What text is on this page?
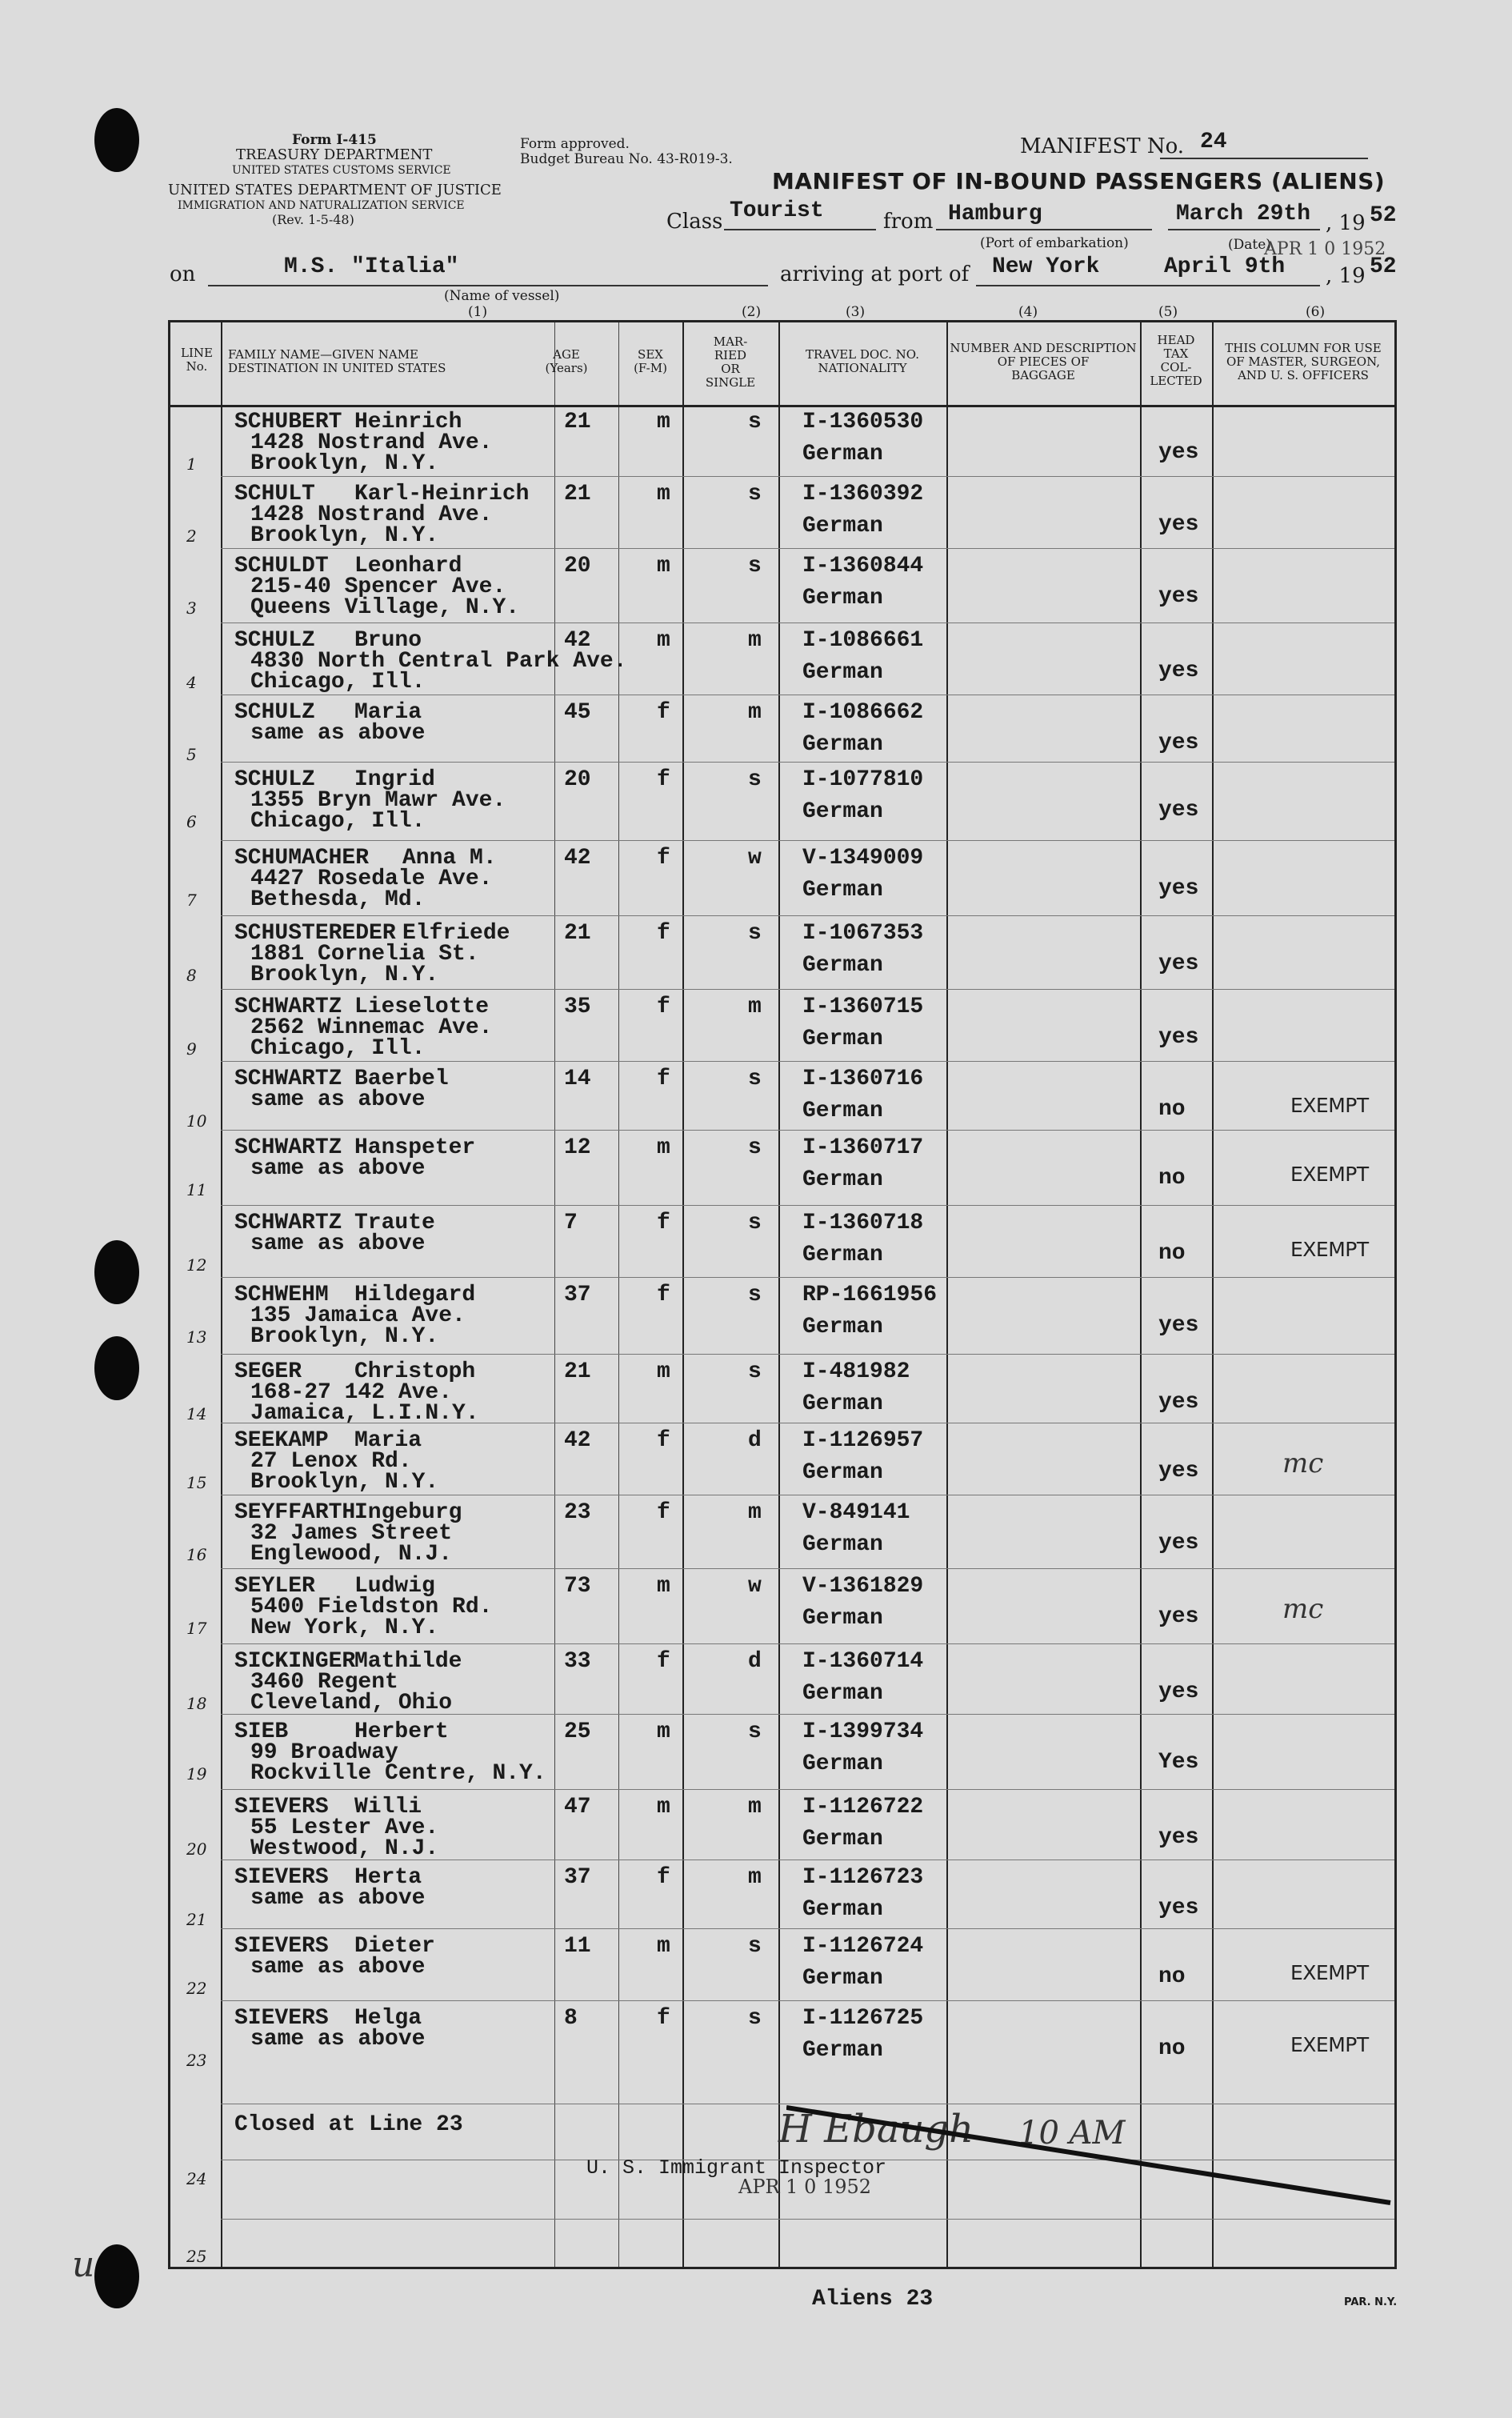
Form I-415
TREASURY DEPARTMENT
UNITED STATES CUSTOMS SERVICE
UNITED STATES DEPARTMENT OF JUSTICE
IMMIGRATION AND NATURALIZATION SERVICE
(Rev. 1-5-48)
Form approved.
Budget Bureau No. 43-R019-3.
MANIFEST No. 24
MANIFEST OF IN-BOUND PASSENGERS (ALIENS)
Class Tourist	from Hamburg	March 29th , 19 52
(Port of embarkation)	(Date)
APR 1 0 1952
on	M.S. "Italia"
(Name of vessel)
arriving at port of New York	April 9th , 19 52
(1)	(2)	(3)	(4)	(5)	(6)
LINE No.
FAMILY NAME—GIVEN NAME
DESTINATION IN UNITED STATES
AGE
(Years)
SEX
(F-M)
MAR-
RIED
OR
SINGLE
TRAVEL DOC. NO.
NATIONALITY
NUMBER AND DESCRIPTION
OF PIECES OF
BAGGAGE
HEAD
TAX
COL-
LECTED
THIS COLUMN FOR USE
OF MASTER, SURGEON,
AND U. S. OFFICERS
SCHUBERT Heinrich
1428 Nostrand Ave.
Brooklyn, N.Y.
21	m	s I-1360530
German	yes
1
SCHULT Karl-Heinrich
1428 Nostrand Ave.
Brooklyn, N.Y.
21	m	s I-1360392
German	yes
2
SCHULDT Leonhard
215-40 Spencer Ave.
Queens Village, N.Y.
20	m	s I-1360844
German	yes
3
SCHULZ Bruno
4830 North Central Park Ave.
Chicago, Ill.
42	m	m I-1086661
German	yes
4
SCHULZ Maria
same as above
45	f	m I-1086662
German	yes
5
SCHULZ Ingrid
1355 Bryn Mawr Ave.
Chicago, Ill.
20	f	s I-1077810
German	yes
6
SCHUMACHER Anna M.
4427 Rosedale Ave.
Bethesda, Md.
42	f	w V-1349009
German	yes
7
SCHUSTEREDER Elfriede
1881 Cornelia St.
Brooklyn, N.Y.
21	f	s I-1067353
German	yes
8
SCHWARTZ Lieselotte
2562 Winnemac Ave.
Chicago, Ill.
35	f	m I-1360715
German	yes
9
SCHWARTZ Baerbel
same as above
14	f	s I-1360716
German	no	EXEMPT
10
SCHWARTZ Hanspeter
same as above
12	m	s I-1360717
German	no	EXEMPT
11
SCHWARTZ Traute
same as above
7	f	s I-1360718
German	no	EXEMPT
12
SCHWEHM Hildegard
135 Jamaica Ave.
Brooklyn, N.Y.
37	f	s RP-1661956
German	yes
13
SEGER Christoph
168-27 142 Ave.
Jamaica, L.I.N.Y.
21	m	s I-481982
German	yes
14
SEEKAMP Maria
27 Lenox Rd.
Brooklyn, N.Y.
42	f	d I-1126957
German	yes	mc
15
SEYFFARTH
Ingeburg
32 James Street
Englewood, N.J.
23	f	m V-849141
German	yes
16
SEYLER Ludwig
5400 Fieldston Rd.
New York, N.Y.
73	m	w V-1361829
German	yes	mc
17
SICKINGER
Mathilde
3460 Regent
Cleveland, Ohio
33	f	d I-1360714
German	yes
18
SIEB	Herbert
99 Broadway
Rockville Centre, N.Y.
25	m	s I-1399734
German	Yes
19
SIEVERS Willi
55 Lester Ave.
Westwood, N.J.
47	m	m I-1126722
German	yes
20
SIEVERS Herta
same as above
37	f	m I-1126723
German	yes
21
SIEVERS Dieter
same as above
11	m	s I-1126724
German	no	EXEMPT
22
SIEVERS Helga
same as above
8	f	s I-1126725
German	no	EXEMPT
23
Closed at Line 23
24	U. S. Immigrant Inspector
H Ebaugh 10 AM
APR 1 0 1952
25
Aliens 23	PAR. N.Y.
u
